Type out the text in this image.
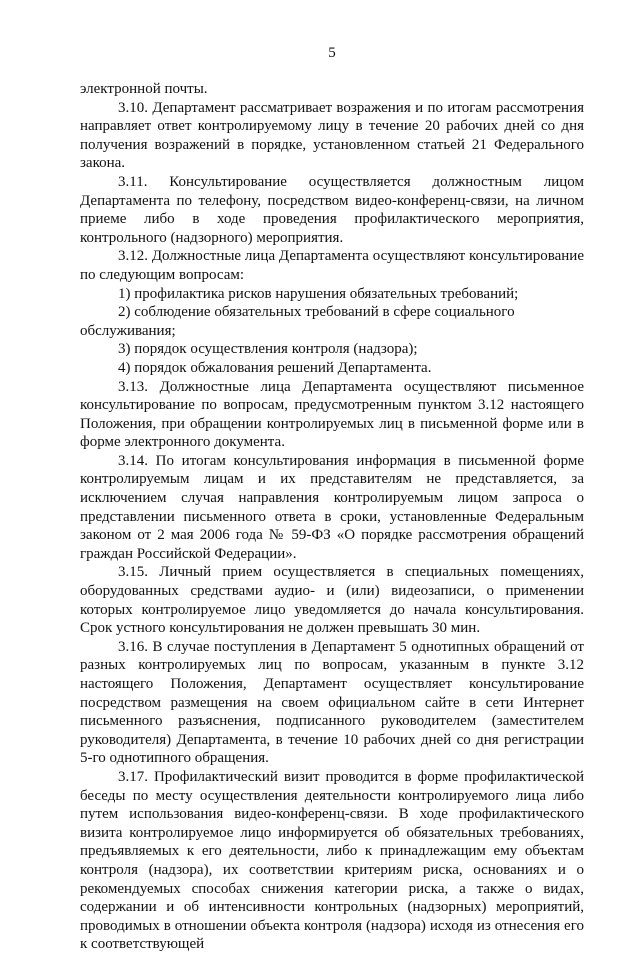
5

электронной почты.

3.10. Департамент рассматривает возражения и по итогам рассмотрения направляет ответ контролируемому лицу в течение 20 рабочих дней со дня получения возражений в порядке, установленном статьей 21 Федерального закона.

3.11. Консультирование осуществляется должностным лицом Департамента по телефону, посредством видео-конференц-связи, на личном приеме либо в ходе проведения профилактического мероприятия, контрольного (надзорного) мероприятия.

3.12. Должностные лица Департамента осуществляют консультирование по следующим вопросам:

1) профилактика рисков нарушения обязательных требований;

2) соблюдение обязательных требований в сфере социального обслуживания;

3) порядок осуществления контроля (надзора);

4) порядок обжалования решений Департамента.

3.13. Должностные лица Департамента осуществляют письменное консультирование по вопросам, предусмотренным пунктом 3.12 настоящего Положения, при обращении контролируемых лиц в письменной форме или в форме электронного документа.

3.14. По итогам консультирования информация в письменной форме контролируемым лицам и их представителям не представляется, за исключением случая направления контролируемым лицом запроса о представлении письменного ответа в сроки, установленные Федеральным законом от 2 мая 2006 года № 59-ФЗ «О порядке рассмотрения обращений граждан Российской Федерации».

3.15. Личный прием осуществляется в специальных помещениях, оборудованных средствами аудио- и (или) видеозаписи, о применении которых контролируемое лицо уведомляется до начала консультирования. Срок устного консультирования не должен превышать 30 мин.

3.16. В случае поступления в Департамент 5 однотипных обращений от разных контролируемых лиц по вопросам, указанным в пункте 3.12 настоящего Положения, Департамент осуществляет консультирование посредством размещения на своем официальном сайте в сети Интернет письменного разъяснения, подписанного руководителем (заместителем руководителя) Департамента, в течение 10 рабочих дней со дня регистрации 5-го однотипного обращения.

3.17. Профилактический визит проводится в форме профилактической беседы по месту осуществления деятельности контролируемого лица либо путем использования видео-конференц-связи. В ходе профилактического визита контролируемое лицо информируется об обязательных требованиях, предъявляемых к его деятельности, либо к принадлежащим ему объектам контроля (надзора), их соответствии критериям риска, основаниях и о рекомендуемых способах снижения категории риска, а также о видах, содержании и об интенсивности контрольных (надзорных) мероприятий, проводимых в отношении объекта контроля (надзора) исходя из отнесения его к соответствующей
